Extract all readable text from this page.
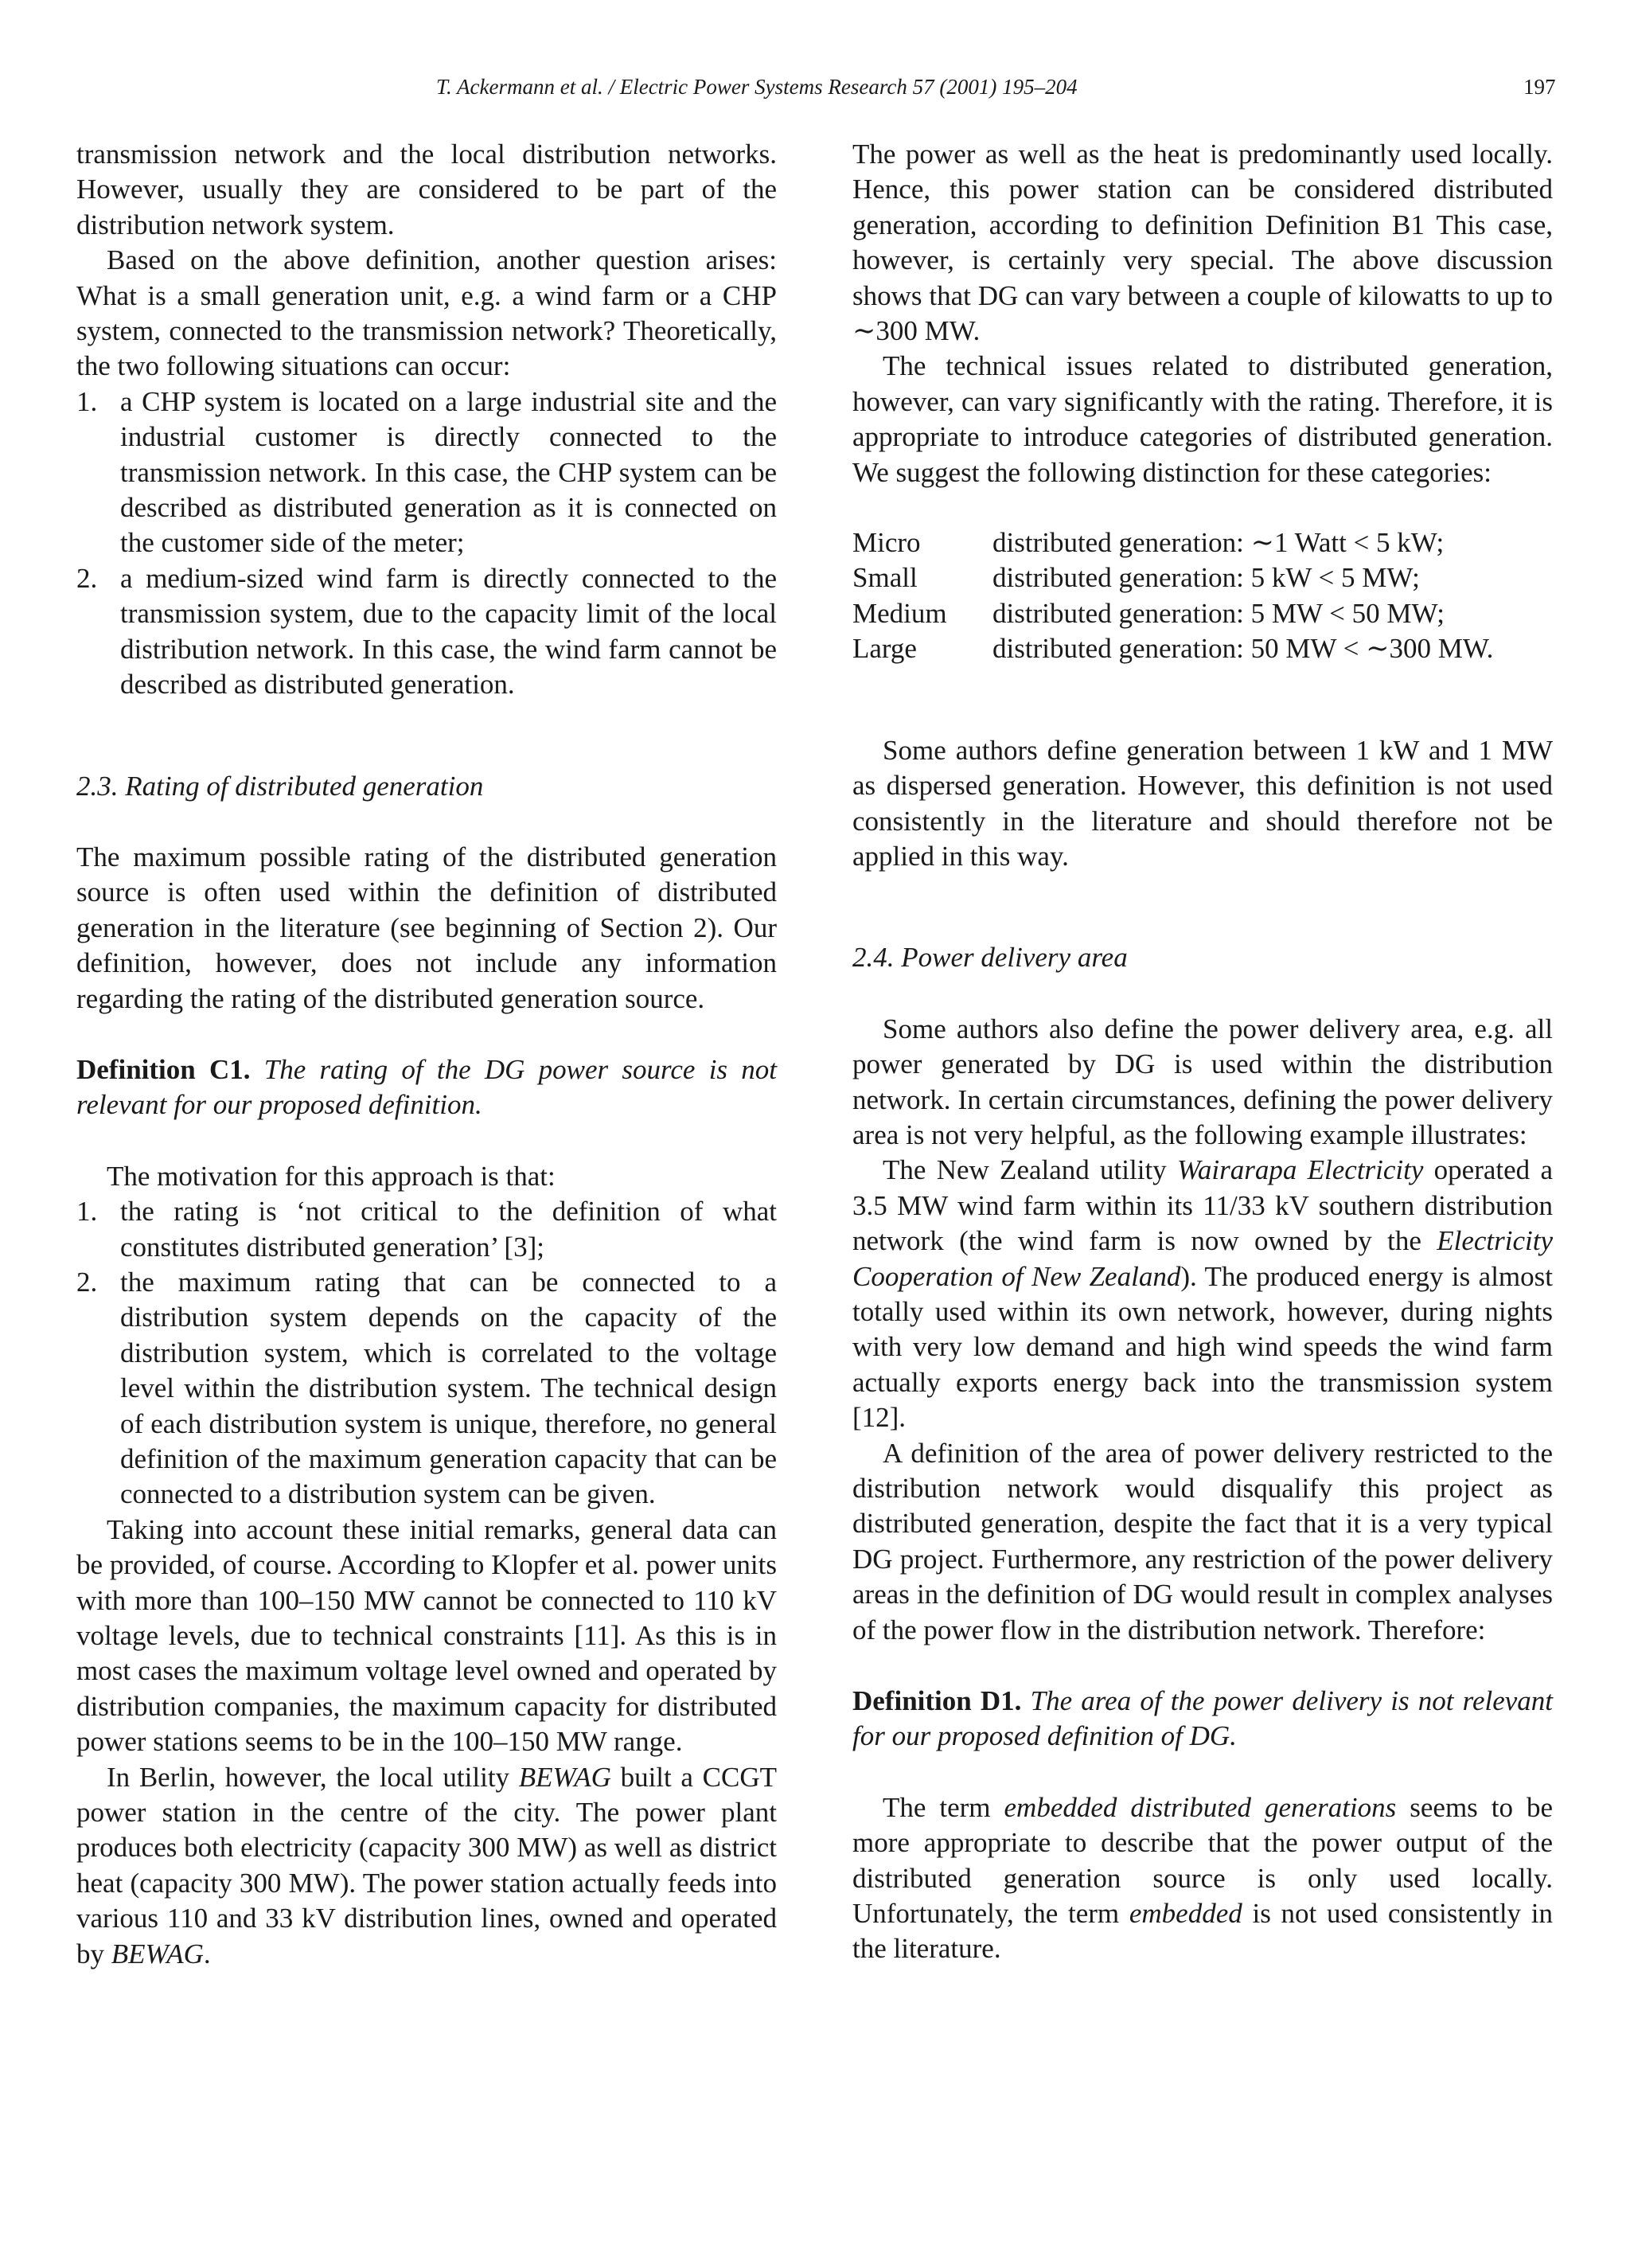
T. Ackermann et al. / Electric Power Systems Research 57 (2001) 195–204	197

transmission network and the local distribution networks. However, usually they are considered to be part of the distribution network system.

Based on the above definition, another question arises: What is a small generation unit, e.g. a wind farm or a CHP system, connected to the transmission network? Theoretically, the two following situations can occur:

1. a CHP system is located on a large industrial site and the industrial customer is directly connected to the transmission network. In this case, the CHP system can be described as distributed generation as it is connected on the customer side of the meter;
2. a medium-sized wind farm is directly connected to the transmission system, due to the capacity limit of the local distribution network. In this case, the wind farm cannot be described as distributed generation.

2.3. Rating of distributed generation

The maximum possible rating of the distributed generation source is often used within the definition of distributed generation in the literature (see beginning of Section 2). Our definition, however, does not include any information regarding the rating of the distributed generation source.

Definition C1. The rating of the DG power source is not relevant for our proposed definition.

The motivation for this approach is that:

1. the rating is ‘not critical to the definition of what constitutes distributed generation’ [3];
2. the maximum rating that can be connected to a distribution system depends on the capacity of the distribution system, which is correlated to the voltage level within the distribution system. The technical design of each distribution system is unique, therefore, no general definition of the maximum generation capacity that can be connected to a distribution system can be given.

Taking into account these initial remarks, general data can be provided, of course. According to Klopfer et al. power units with more than 100–150 MW cannot be connected to 110 kV voltage levels, due to technical constraints [11]. As this is in most cases the maximum voltage level owned and operated by distribution companies, the maximum capacity for distributed power stations seems to be in the 100–150 MW range.

In Berlin, however, the local utility BEWAG built a CCGT power station in the centre of the city. The power plant produces both electricity (capacity 300 MW) as well as district heat (capacity 300 MW). The power station actually feeds into various 110 and 33 kV distribution lines, owned and operated by BEWAG.

The power as well as the heat is predominantly used locally. Hence, this power station can be considered distributed generation, according to definition Definition B1 This case, however, is certainly very special. The above discussion shows that DG can vary between a couple of kilowatts to up to ∼300 MW.

The technical issues related to distributed generation, however, can vary significantly with the rating. Therefore, it is appropriate to introduce categories of distributed generation. We suggest the following distinction for these categories:

Micro	distributed generation: ∼1 Watt < 5 kW;
Small	distributed generation: 5 kW < 5 MW;
Medium	distributed generation: 5 MW < 50 MW;
Large	distributed generation: 50 MW < ∼300 MW.

Some authors define generation between 1 kW and 1 MW as dispersed generation. However, this definition is not used consistently in the literature and should therefore not be applied in this way.

2.4. Power delivery area

Some authors also define the power delivery area, e.g. all power generated by DG is used within the distribution network. In certain circumstances, defining the power delivery area is not very helpful, as the following example illustrates:

The New Zealand utility Wairarapa Electricity operated a 3.5 MW wind farm within its 11/33 kV southern distribution network (the wind farm is now owned by the Electricity Cooperation of New Zealand). The produced energy is almost totally used within its own network, however, during nights with very low demand and high wind speeds the wind farm actually exports energy back into the transmission system [12].

A definition of the area of power delivery restricted to the distribution network would disqualify this project as distributed generation, despite the fact that it is a very typical DG project. Furthermore, any restriction of the power delivery areas in the definition of DG would result in complex analyses of the power flow in the distribution network. Therefore:

Definition D1. The area of the power delivery is not relevant for our proposed definition of DG.

The term embedded distributed generations seems to be more appropriate to describe that the power output of the distributed generation source is only used locally. Unfortunately, the term embedded is not used consistently in the literature.
